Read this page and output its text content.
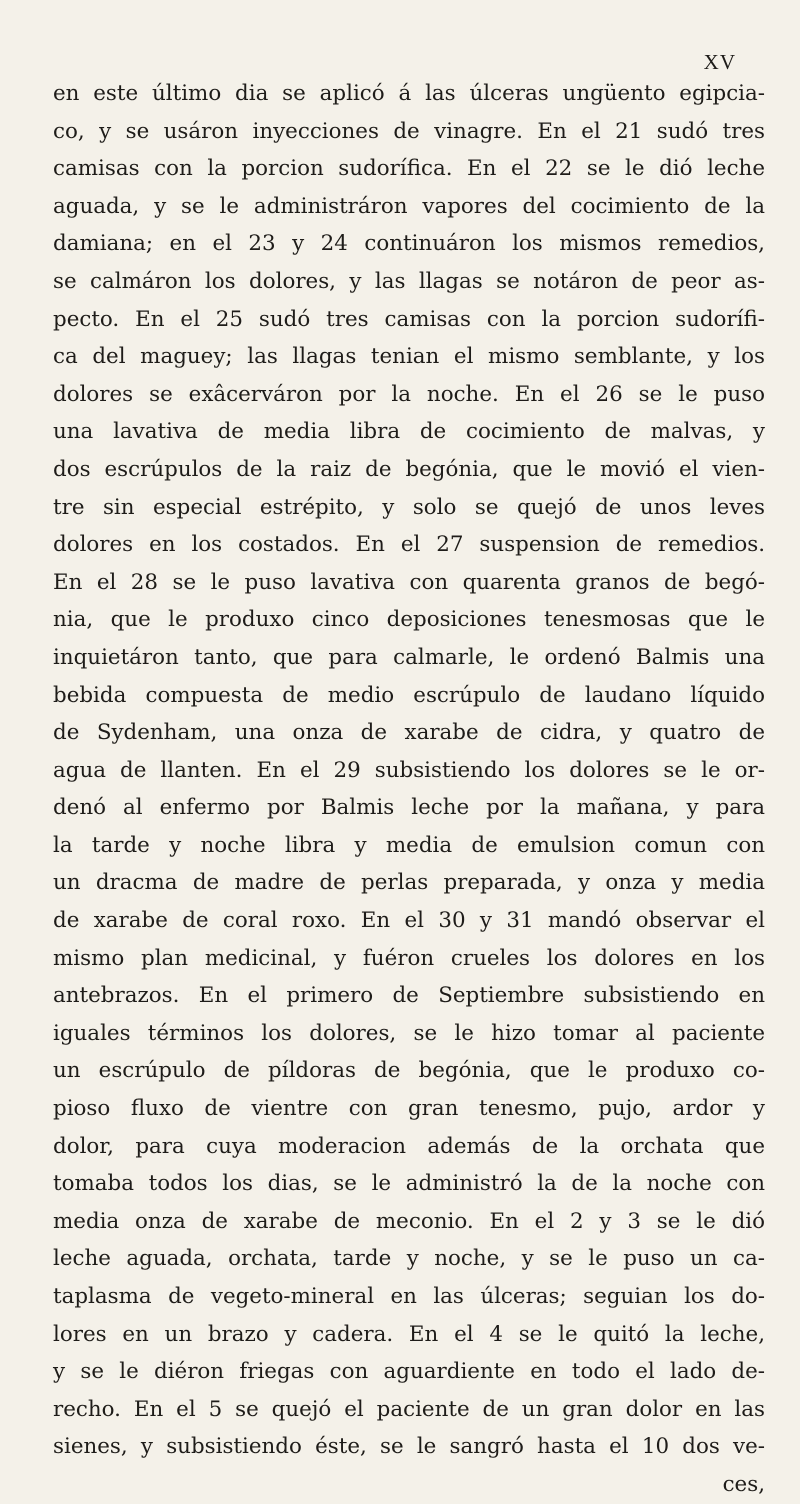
XV
en este último dia se aplicó á las úlceras ungüento egipcia-
co, y se usáron inyecciones de vinagre. En el 21 sudó tres
camisas con la porcion sudorífica. En el 22 se le dió leche
aguada, y se le administráron vapores del cocimiento de la
damiana; en el 23 y 24 continuáron los mismos remedios,
se calmáron los dolores, y las llagas se notáron de peor as-
pecto. En el 25 sudó tres camisas con la porcion sudorífi-
ca del maguey; las llagas tenian el mismo semblante, y los
dolores se exâcerváron por la noche. En el 26 se le puso
una lavativa de media libra de cocimiento de malvas, y
dos escrúpulos de la raiz de begónia, que le movió el vien-
tre sin especial estrépito, y solo se quejó de unos leves
dolores en los costados. En el 27 suspension de remedios.
En el 28 se le puso lavativa con quarenta granos de begó-
nia, que le produxo cinco deposiciones tenesmosas que le
inquietáron tanto, que para calmarle, le ordenó Balmis una
bebida compuesta de medio escrúpulo de laudano líquido
de Sydenham, una onza de xarabe de cidra, y quatro de
agua de llanten. En el 29 subsistiendo los dolores se le or-
denó al enfermo por Balmis leche por la mañana, y para
la tarde y noche libra y media de emulsion comun con
un dracma de madre de perlas preparada, y onza y media
de xarabe de coral roxo. En el 30 y 31 mandó observar el
mismo plan medicinal, y fuéron crueles los dolores en los
antebrazos. En el primero de Septiembre subsistiendo en
iguales términos los dolores, se le hizo tomar al paciente
un escrúpulo de píldoras de begónia, que le produxo co-
pioso fluxo de vientre con gran tenesmo, pujo, ardor y
dolor, para cuya moderacion además de la orchata que
tomaba todos los dias, se le administró la de la noche con
media onza de xarabe de meconio. En el 2 y 3 se le dió
leche aguada, orchata, tarde y noche, y se le puso un ca-
taplasma de vegeto-mineral en las úlceras; seguian los do-
lores en un brazo y cadera. En el 4 se le quitó la leche,
y se le diéron friegas con aguardiente en todo el lado de-
recho. En el 5 se quejó el paciente de un gran dolor en las
sienes, y subsistiendo éste, se le sangró hasta el 10 dos ve-
ces,
